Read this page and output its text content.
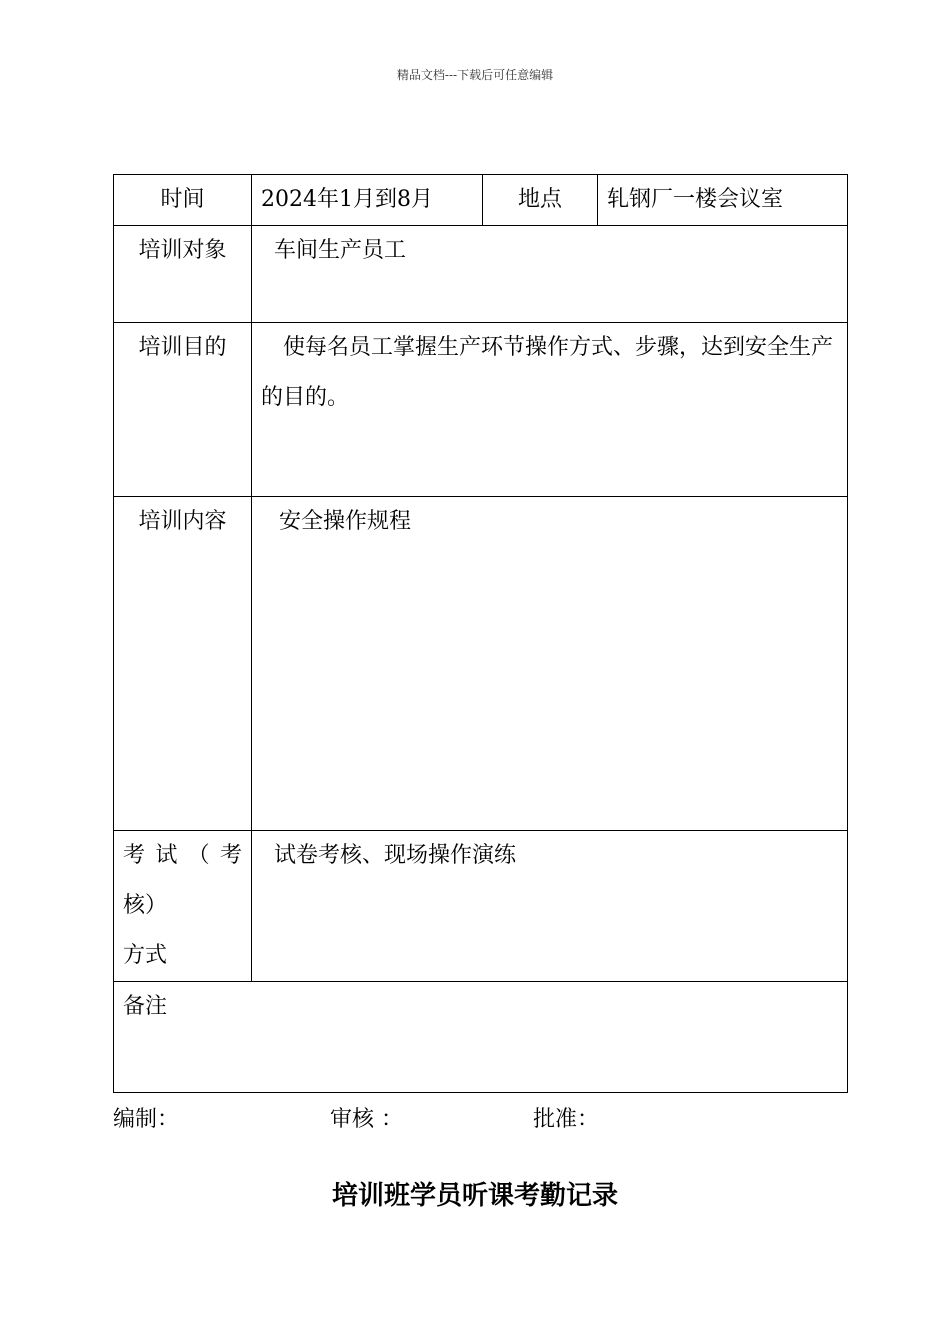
精品文档---下载后可任意编辑
时间	2024年1月到8月	地点	轧钢厂一楼会议室
培训对象	车间生产员工		
培训目的	使每名员工掌握生产环节操作方式、步骤，达到安全生产的目的。		
培训内容	安全操作规程		

考 试 （ 考
核）
方式	试卷考核、现场操作演练		
备注			
编制：	审核 ：	批准：
培训班学员听课考勤记录
